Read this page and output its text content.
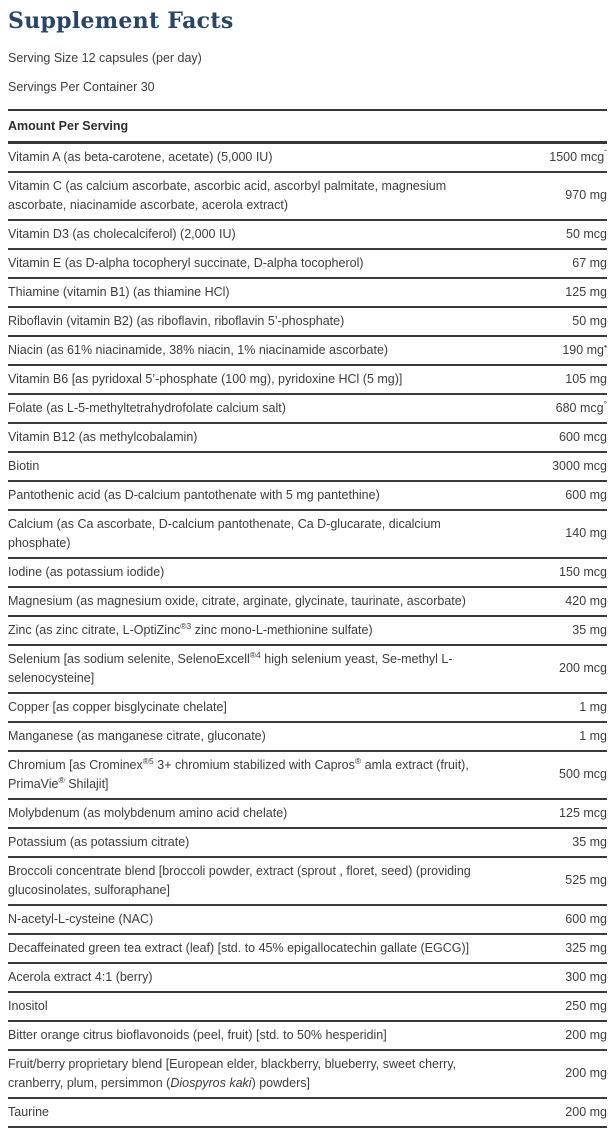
Supplement Facts
Serving Size 12 capsules (per day)
Servings Per Container 30
Amount Per Serving
Vitamin A (as beta-carotene, acetate) (5,000 IU)	1500 mcg$^ˆ$
Vitamin C (as calcium ascorbate, ascorbic acid, ascorbyl palmitate, magnesium ascorbate, niacinamide ascorbate, acerola extract)
970 mg
Vitamin D3 (as cholecalciferol) (2,000 IU)	50 mcg
Vitamin E (as D-alpha tocopheryl succinate, D-alpha tocopherol)	67 mg
Thiamine (vitamin B1) (as thiamine HCl)	125 mg
Riboflavin (vitamin B2) (as riboflavin, riboflavin 5’-phosphate)	50 mg
Niacin (as 61% niacinamide, 38% niacin, 1% niacinamide ascorbate)	190 mg•
Vitamin B6 [as pyridoxal 5’-phosphate (100 mg), pyridoxine HCl (5 mg)]	105 mg
Folate (as L-5-methyltetrahydrofolate calcium salt)	680 mcg°
Vitamin B12 (as methylcobalamin)	600 mcg
Biotin	3000 mcg
Pantothenic acid (as D-calcium pantothenate with 5 mg pantethine)	600 mg
Calcium (as Ca ascorbate, D-calcium pantothenate, Ca D-glucarate, dicalcium phosphate)
140 mg
Iodine (as potassium iodide)	150 mcg
Magnesium (as magnesium oxide, citrate, arginate, glycinate, taurinate, ascorbate)	420 mg
Zinc (as zinc citrate, L-OptiZinc$^{®3}$ zinc mono-L-methionine sulfate)	35 mg
Selenium [as sodium selenite, SelenoExcell$^{®4}$ high selenium yeast, Se-methyl L-selenocysteine]
200 mcg
Copper [as copper bisglycinate chelate]	1 mg
Manganese (as manganese citrate, gluconate)	1 mg
Chromium [as Crominex$^{®5}$ 3+ chromium stabilized with Capros® amla extract (fruit), PrimaVie® Shilajit]
500 mcg
Molybdenum (as molybdenum amino acid chelate)	125 mcg
Potassium (as potassium citrate)	35 mg
Broccoli concentrate blend [broccoli powder, extract (sprout , floret, seed) (providing glucosinolates, sulforaphane]
525 mg
N-acetyl-L-cysteine (NAC)	600 mg
Decaffeinated green tea extract (leaf) [std. to 45% epigallocatechin gallate (EGCG)]	325 mg
Acerola extract 4:1 (berry)	300 mg
Inositol	250 mg
Bitter orange citrus bioflavonoids (peel, fruit) [std. to 50% hesperidin]	200 mg
Fruit/berry proprietary blend [European elder, blackberry, blueberry, sweet cherry, cranberry, plum, persimmon (Diospyros kaki) powders]
200 mg
Taurine	200 mg
